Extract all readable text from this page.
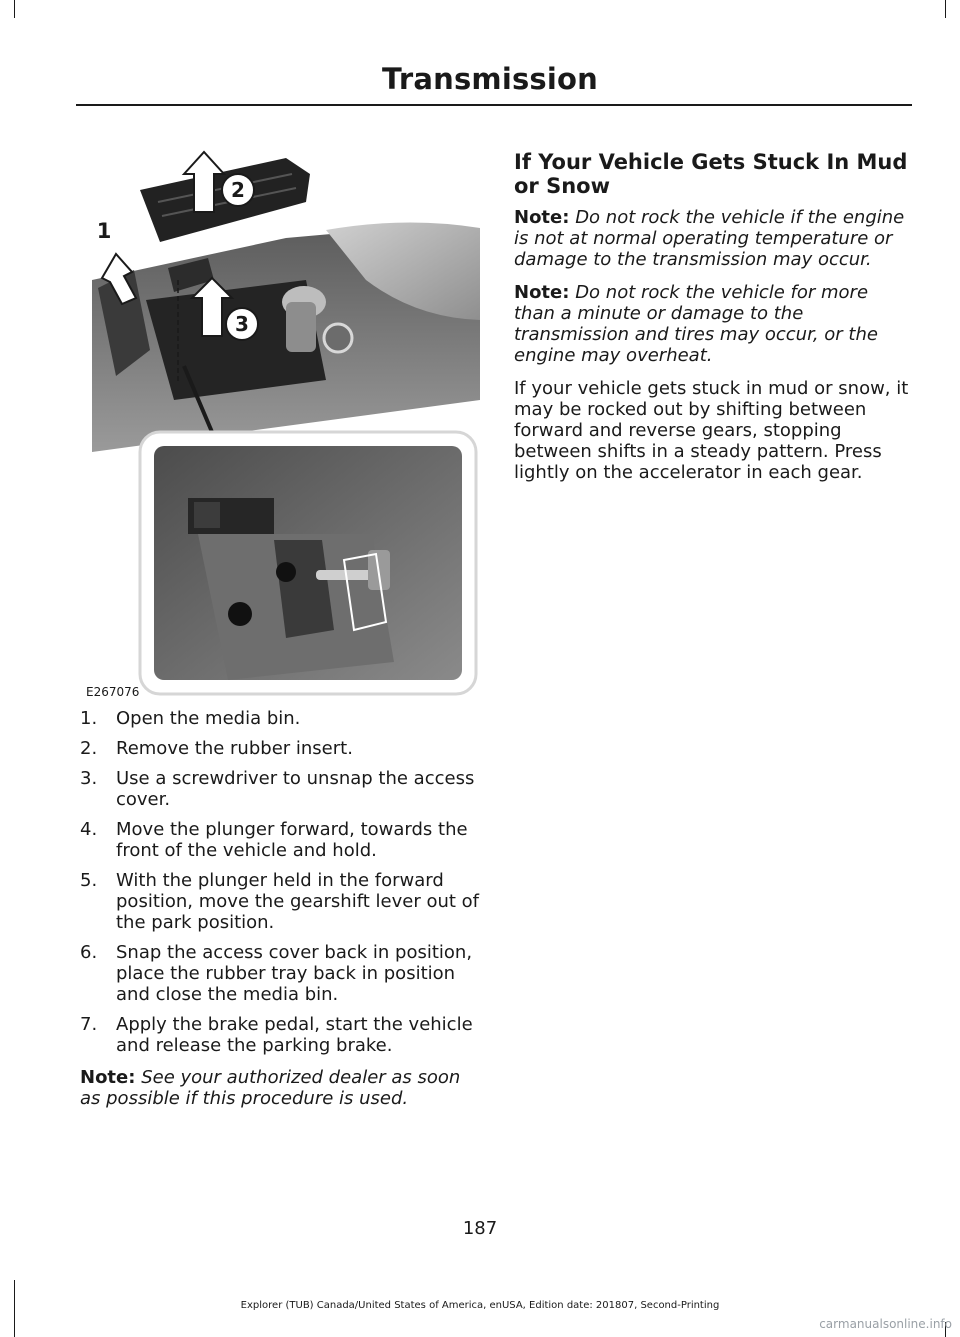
Transmission
2
3
1
E267076
1. Open the media bin.
2. Remove the rubber insert.
3. Use a screwdriver to unsnap the access cover.
4. Move the plunger forward, towards the front of the vehicle and hold.
5. With the plunger held in the forward position, move the gearshift lever out of the park position.
6. Snap the access cover back in position, place the rubber tray back in position and close the media bin.
7. Apply the brake pedal, start the vehicle and release the parking brake.
Note: See your authorized dealer as soon as possible if this procedure is used.
If Your Vehicle Gets Stuck In Mud or Snow

Note: Do not rock the vehicle if the engine is not at normal operating temperature or damage to the transmission may occur.

Note: Do not rock the vehicle for more than a minute or damage to the transmission and tires may occur, or the engine may overheat.

If your vehicle gets stuck in mud or snow, it may be rocked out by shifting between forward and reverse gears, stopping between shifts in a steady pattern. Press lightly on the accelerator in each gear.

187
Explorer (TUB) Canada/United States of America, enUSA, Edition date: 201807, Second-Printing
carmanualsonline.info
